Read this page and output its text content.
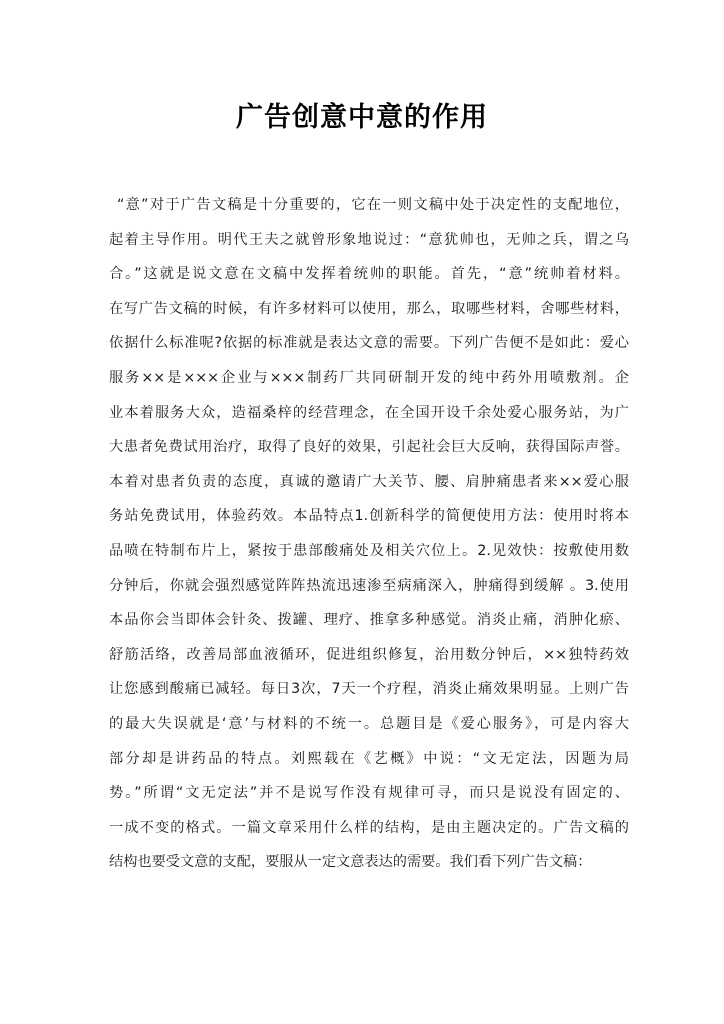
广告创意中意的作用
“意”对于广告文稿是十分重要的，它在一则文稿中处于决定性的支配地位，
起着主导作用。明代王夫之就曾形象地说过：“意犹帅也，无帅之兵，谓之乌
合。”这就是说文意在文稿中发挥着统帅的职能。首先，“意”统帅着材料。
在写广告文稿的时候，有许多材料可以使用，那么，取哪些材料，舍哪些材料，
依据什么标准呢?依据的标准就是表达文意的需要。下列广告便不是如此：爱心
服务××是×××企业与×××制药厂共同研制开发的纯中药外用喷敷剂。企
业本着服务大众，造福桑梓的经营理念，在全国开设千余处爱心服务站，为广
大患者免费试用治疗，取得了良好的效果，引起社会巨大反响，获得国际声誉。
本着对患者负责的态度，真诚的邀请广大关节、腰、肩肿痛患者来××爱心服
务站免费试用，体验药效。本品特点1.创新科学的简便使用方法：使用时将本
品喷在特制布片上，紧按于患部酸痛处及相关穴位上。2.见效快：按敷使用数
分钟后，你就会强烈感觉阵阵热流迅速渗至病痛深入，肿痛得到缓解 。3.使用
本品你会当即体会针灸、拨罐、理疗、推拿多种感觉。消炎止痛，消肿化瘀、
舒筋活络，改善局部血液循环，促进组织修复，治用数分钟后，××独特药效
让您感到酸痛已减轻。每日3次，7天一个疗程，消炎止痛效果明显。上则广告
的最大失误就是‘意’与材料的不统一。总题目是《爱心服务》，可是内容大
部分却是讲药品的特点。刘熙载在《艺概》中说：“文无定法，因题为局
势。”所谓“文无定法”并不是说写作没有规律可寻，而只是说没有固定的、
一成不变的格式。一篇文章采用什么样的结构，是由主题决定的。广告文稿的
结构也要受文意的支配，要服从一定文意表达的需要。我们看下列广告文稿：
